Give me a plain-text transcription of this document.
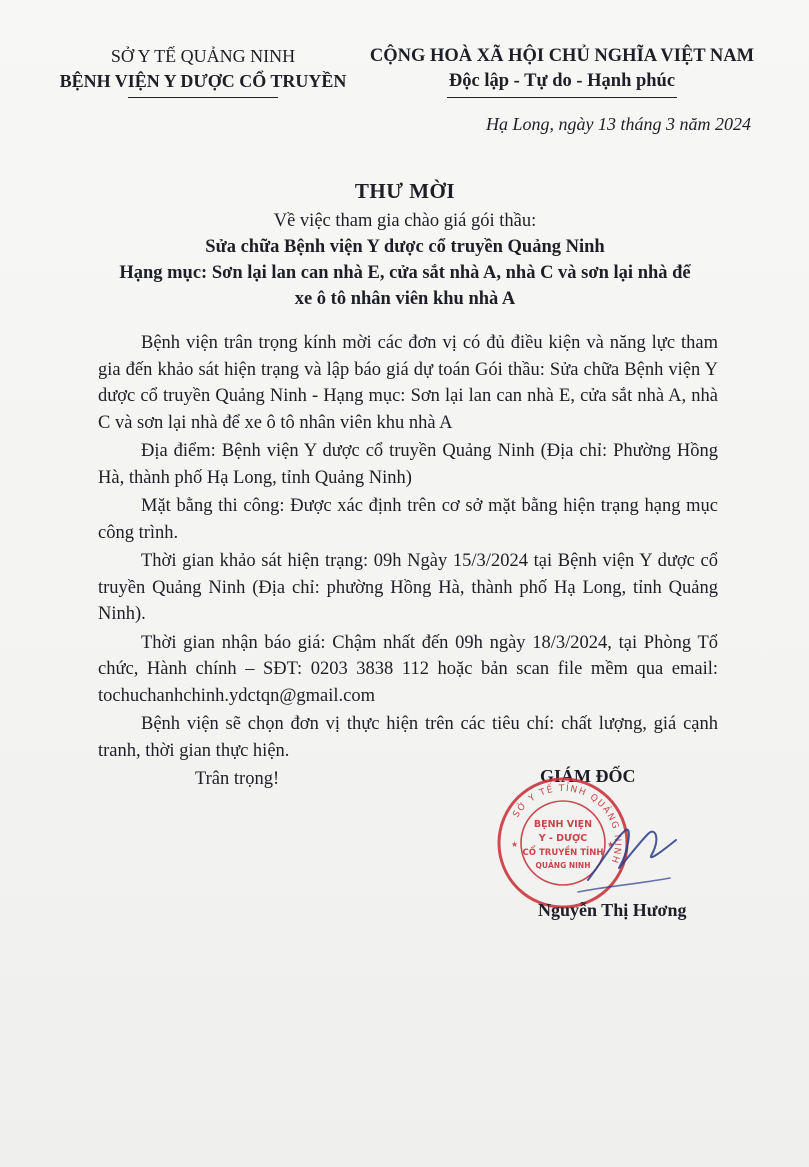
SỞ Y TẾ QUẢNG NINH
BỆNH VIỆN Y DƯỢC CỔ TRUYỀN
CỘNG HOÀ XÃ HỘI CHỦ NGHĨA VIỆT NAM
Độc lập - Tự do - Hạnh phúc
Hạ Long, ngày 13 tháng 3 năm 2024
THƯ MỜI
Về việc tham gia chào giá gói thầu:
Sửa chữa Bệnh viện Y dược cổ truyền Quảng Ninh
Hạng mục: Sơn lại lan can nhà E, cửa sắt nhà A, nhà C và sơn lại nhà để
xe ô tô nhân viên khu nhà A

Bệnh viện trân trọng kính mời các đơn vị có đủ điều kiện và năng lực tham gia đến khảo sát hiện trạng và lập báo giá dự toán Gói thầu: Sửa chữa Bệnh viện Y dược cổ truyền Quảng Ninh - Hạng mục: Sơn lại lan can nhà E, cửa sắt nhà A, nhà C và sơn lại nhà để xe ô tô nhân viên khu nhà A

Địa điểm: Bệnh viện Y dược cổ truyền Quảng Ninh (Địa chỉ: Phường Hồng Hà, thành phố Hạ Long, tỉnh Quảng Ninh)

Mặt bằng thi công: Được xác định trên cơ sở mặt bằng hiện trạng hạng mục công trình.

Thời gian khảo sát hiện trạng: 09h Ngày 15/3/2024 tại Bệnh viện Y dược cổ truyền Quảng Ninh (Địa chỉ: phường Hồng Hà, thành phố Hạ Long, tỉnh Quảng Ninh).

Thời gian nhận báo giá: Chậm nhất đến 09h ngày 18/3/2024, tại Phòng Tổ chức, Hành chính – SĐT: 0203 3838 112 hoặc bản scan file mềm qua email: tochuchanhchinh.ydctqn@gmail.com

Bệnh viện sẽ chọn đơn vị thực hiện trên các tiêu chí: chất lượng, giá cạnh tranh, thời gian thực hiện.

Trân trọng!	GIÁM ĐỐC
SỞ Y TẾ TỈNH QUẢNG NINH
BỆNH VIỆN
Y - DƯỢC
CỔ TRUYỀN TỈNH
QUẢNG NINH
★	★
Nguyễn Thị Hương
